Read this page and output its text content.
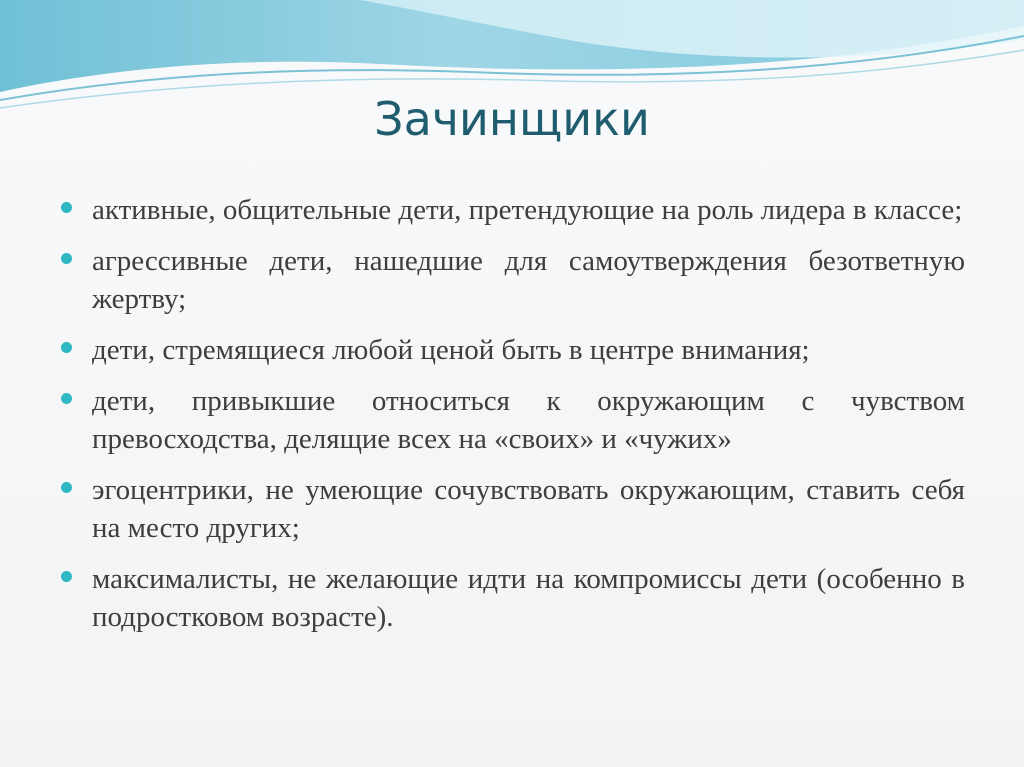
Зачинщики
активные, общительные дети, претендующие на роль лидера в классе;
агрессивные дети, нашедшие для самоутверждения безответную жертву;
дети, стремящиеся любой ценой быть в центре внимания;
дети, привыкшие относиться к окружающим с чувством превосходства, делящие всех на «своих» и «чужих»
эгоцентрики, не умеющие сочувствовать окружающим, ставить себя на место других;
максималисты, не желающие идти на компромиссы дети (особенно в подростковом возрасте).
